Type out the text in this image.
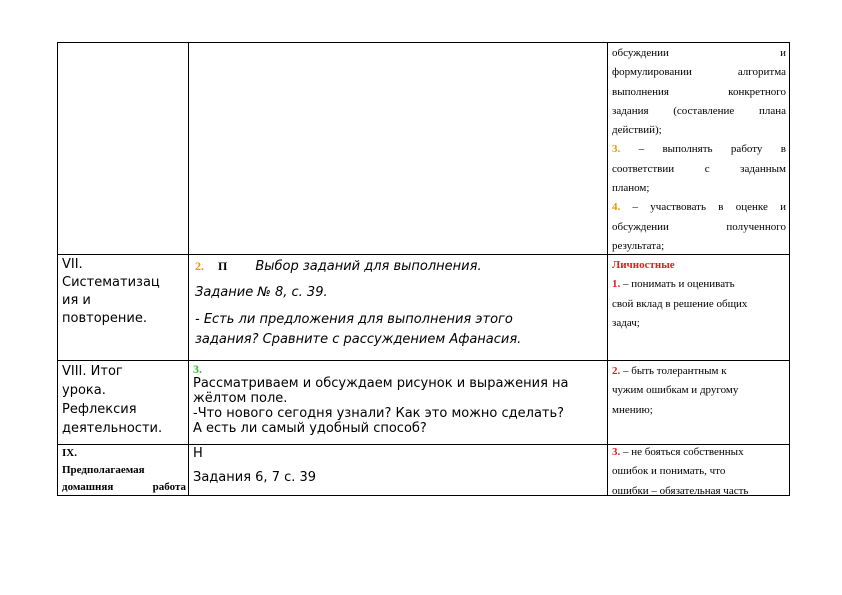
обсуждении и
формулировании алгоритма
выполнения конкретного
задания (составление плана
действий);
3. – выполнять работу в
соответствии с заданным
планом;
4. – участвовать в оценке и
обсуждении полученного
результата;
VII.
Систематизац
ия и
повторение.
2. П Выбор заданий для выполнения.
Задание № 8, с. 39.
- Есть ли предложения для выполнения этого
задания? Сравните с рассуждением Афанасия.
Личностные
1. – понимать и оценивать
свой вклад в решение общих
задач;
VIII. Итог
урока.
Рефлексия
деятельности.
3.
Рассматриваем и обсуждаем рисунок и выражения на
жёлтом поле.
-Что нового сегодня узнали? Как это можно сделать?
А есть ли самый удобный способ?
2. – быть толерантным к
чужим ошибкам и другому
мнению;
IX.
Предполагаемая
домашняя работа
Н
Задания 6, 7 с. 39
3. – не бояться собственных
ошибок и понимать, что
ошибки – обязательная часть
